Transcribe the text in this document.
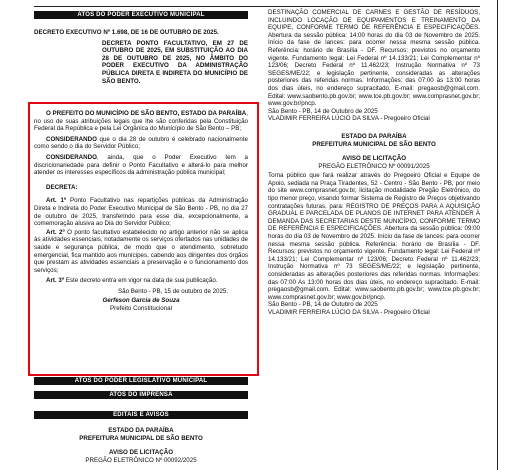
ATOS DO PODER EXECUTIVO MUNICIPAL

DECRETO EXECUTIVO Nº 1.698, DE 16 DE OUTUBRO DE 2025.

DECRETA PONTO FACULTATIVO, EM 27 DE OUTUBRO DE 2025, EM SUBSTITUIÇÃO AO DIA 28 DE OUTUBRO DE 2025, NO ÂMBITO DO PODER EXECUTIVO DA ADMINISTRAÇÃO PÚBLICA DIRETA E INDIRETA DO MUNICÍPIO DE SÃO BENTO.

O PREFEITO DO MUNICÍPIO DE SÃO BENTO, ESTADO DA PARAÍBA, no uso de suas atribuições legais que lhe são conferidas pela Constituição Federal da República e pela Lei Orgânica do Município de São Bento – PB;

CONSIDERANDO que o dia 28 de outubro é celebrado nacionalmente como sendo o dia do Servidor Público;

CONSIDERANDO, ainda, que o Poder Executivo tem a discricionariedade para definir o Ponto Facultativo e alterá-lo para melhor atender os interesses específicos da administração pública municipal;

DECRETA:

Art. 1º Ponto Facultativo nas repartições públicas da Administração Direta e Indireta do Poder Executivo Municipal de São Bento - PB, no dia 27 de outubro de 2025, transferindo para esse dia, excepcionalmente, a comemoração alusiva ao Dia do Servidor Público;

Art. 2º O ponto facultativo estabelecido no artigo anterior não se aplica às atividades essenciais, notadamente os serviços ofertados nas unidades de saúde e segurança pública, de modo que o atendimento, sobretudo emergencial, fica mantido aos munícipes, cabendo aos dirigentes dos órgãos que prestam as atividades essenciais a preservação e o funcionamento dos serviços;

Art. 3º Este decreto entra em vigor na data de sua publicação.

São Bento - PB, 15 de outubro de 2025.

Gerfeson Garcia de Souza
Prefeito Constitucional
ATOS DO PODER LEGISLATIVO MUNICIPAL
ATOS DO IMPRENSA
EDITAIS E AVISOS
ESTADO DA PARAÍBA
PREFEITURA MUNICIPAL DE SÃO BENTO
AVISO DE LICITAÇÃO
PREGÃO ELETRÔNICO Nº 00092/2025

DESTINAÇÃO COMERCIAL DE CARNES E GESTÃO DE RESÍDUOS, INCLUINDO LOCAÇÃO DE EQUIPAMENTOS E TREINAMENTO DA EQUIPE, CONFORME TERMO DE REFERÊNCIA E ESPECIFICAÇÕES. Abertura da sessão pública: 14:00 horas do dia 03 de Novembro de 2025. Início da fase de lances: para ocorrer nessa mesma sessão pública. Referência: horário de Brasília - DF. Recursos: previstos no orçamento vigente. Fundamento legal: Lei Federal nº 14.133/21; Lei Complementar nº 123/06; Decreto Federal nº 11.462/23; Instrução Normativa nº 73 SEGES/ME/22; e legislação pertinente, consideradas as alterações posteriores das referidas normas. Informações: das 07:00 às 13:00 horas dos dias úteis, no endereço supracitado. E-mail: pregaosb@gmail.com. Edital: www.saobento.pb.gov.br; www.tce.pb.gov.br; www.comprasnet.gov.br; www.gov.br/pncp.

São Bento - PB, 14 de Outubro de 2025

VLADIMIR FERREIRA LÚCIO DA SILVA - Pregoeiro Oficial

ESTADO DA PARAÍBA
PREFEITURA MUNICIPAL DE SÃO BENTO
AVISO DE LICITAÇÃO
PREGÃO ELETRÔNICO Nº 00091/2025

Torna público que fará realizar através do Pregoeiro Oficial e Equipe de Apoio, sediada na Praça Tiradentes, 52 - Centro - São Bento - PB, por meio do site www.comprasnet.gov.br, licitação modalidade Pregão Eletrônico, do tipo menor preço, visando formar Sistema de Registro de Preços objetivando contratações futuras, para: REGISTRO DE PREÇOS PARA A AQUISIÇÃO GRADUAL E PARCELADA DE PLANOS DE INTERNET PARA ATENDER À DEMANDA DAS SECRETARIAS DESTE MUNICÍPIO, CONFORME TERMO DE REFERÊNCIA E ESPECIFICAÇÕES. Abertura da sessão pública: 09:00 horas do dia 03 de Novembro de 2025. Início da fase de lances: para ocorrer nessa mesma sessão pública. Referência: horário de Brasília - DF. Recursos: previstos no orçamento vigente. Fundamento legal: Lei Federal nº 14.133/21; Lei Complementar nº 123/06; Decreto Federal nº 11.462/23; Instrução Normativa nº 73 SEGES/ME/22; e legislação pertinente, consideradas as alterações posteriores das referidas normas. Informações: das 07:00 As 13:00 horas dos dias úteis, no endereço supracitado. E-mail: pregaosb@gmail.com. Edital: www.saobento.pb.gov.br; www.tce.pb.gov.br; www.comprasnet.gov.br; www.gov.br/pncp.

São Bento - PB, 14 de Outubro de 2025

VLADIMIR FERREIRA LÚCIO DA SILVA - Pregoeiro Oficial
